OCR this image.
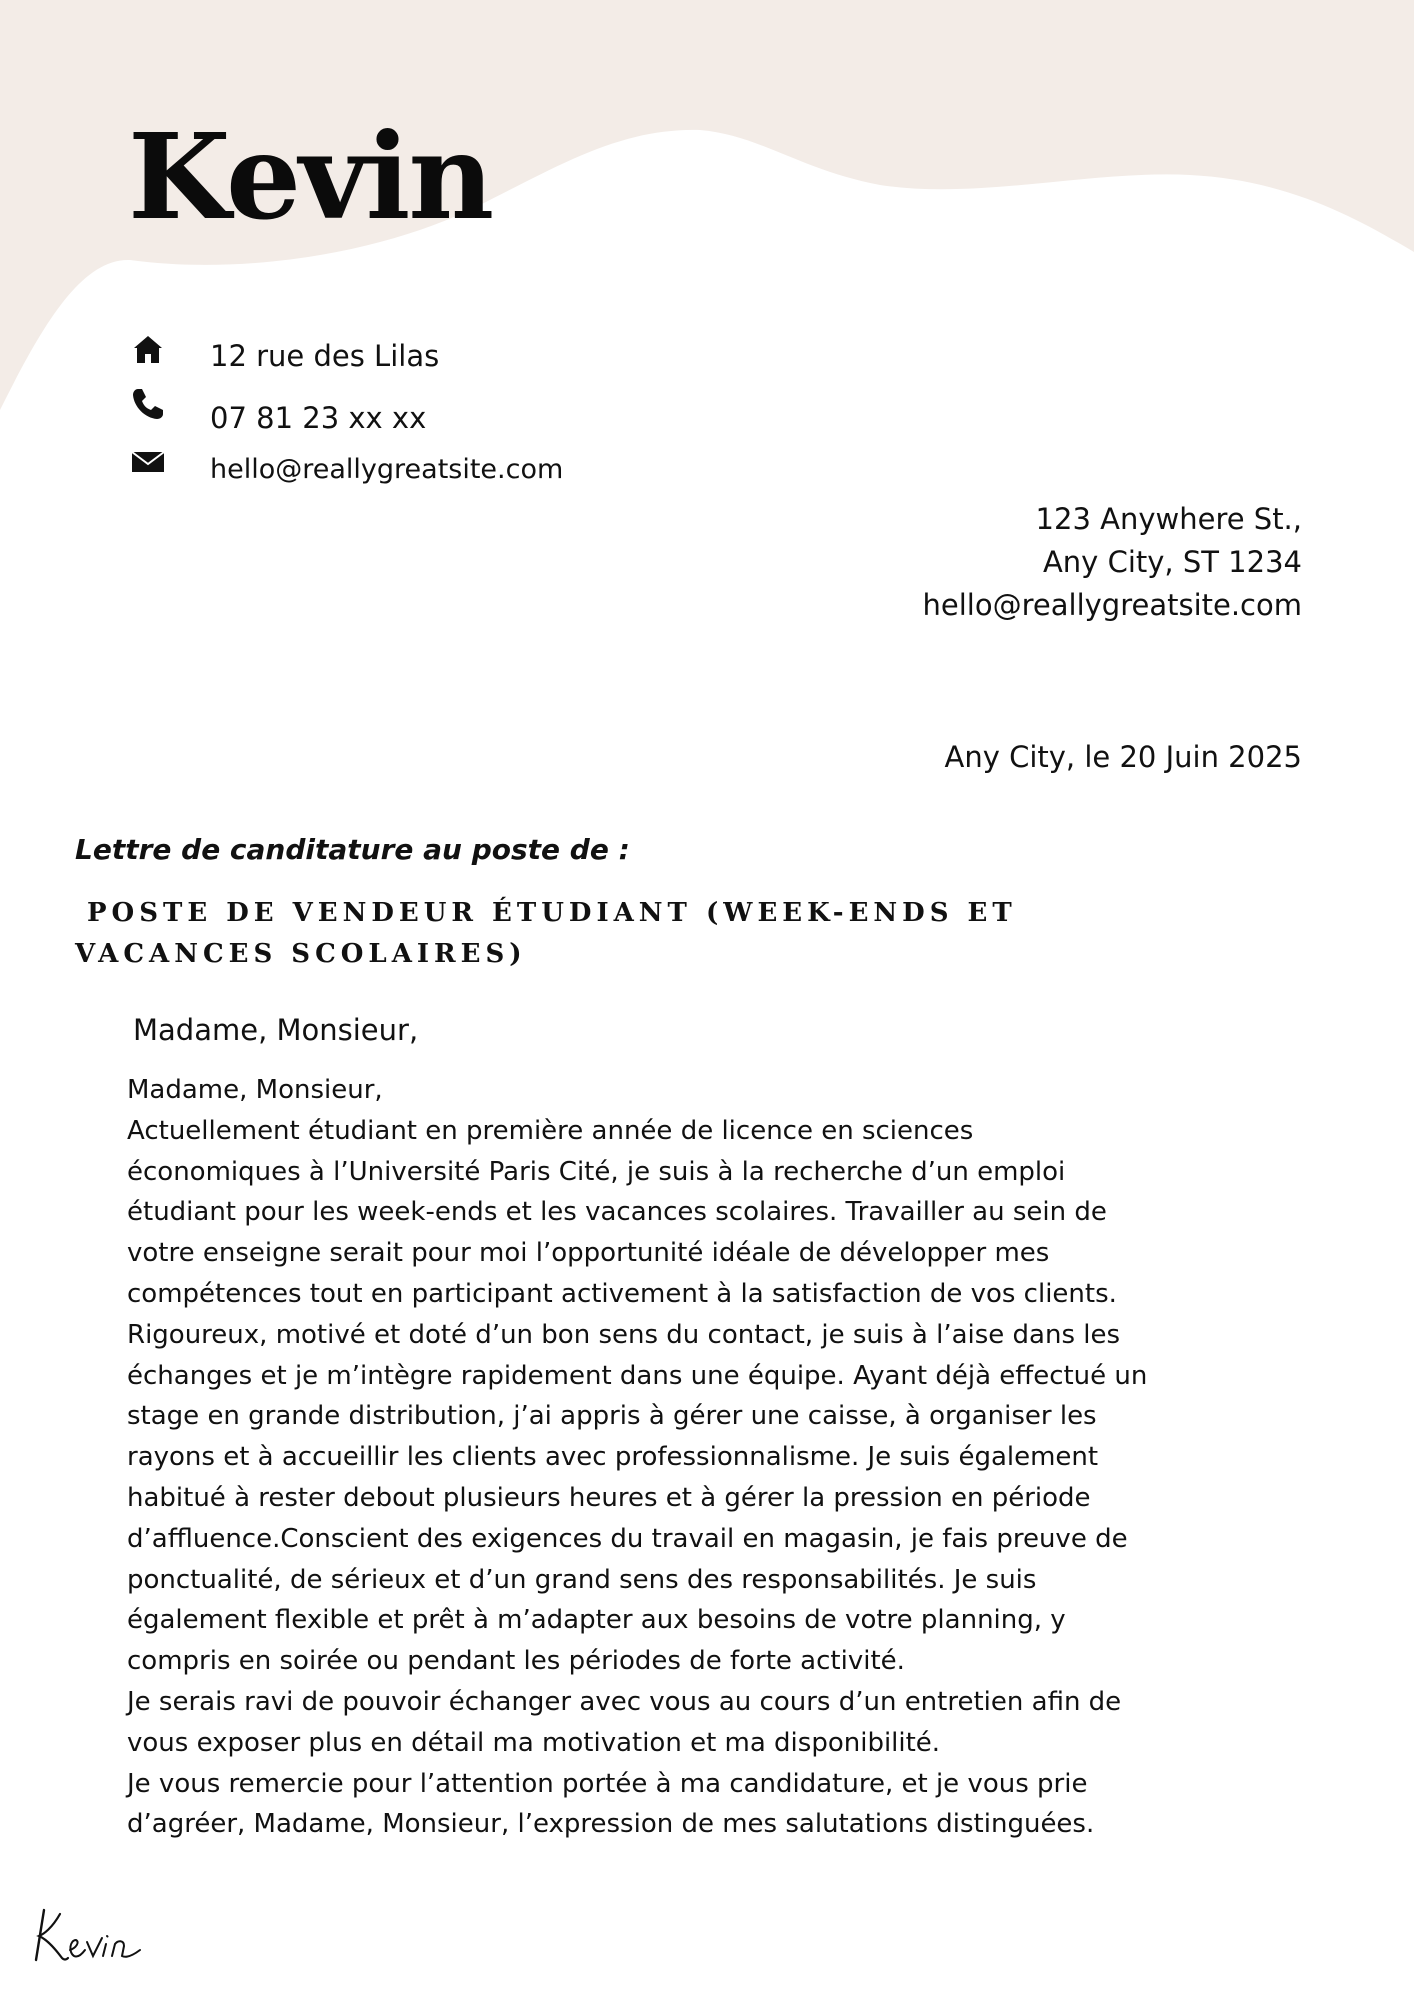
Kevin
12 rue des Lilas
07 81 23 xx xx
hello@reallygreatsite.com
123 Anywhere St.,
Any City, ST 1234
hello@reallygreatsite.com
Any City, le 20 Juin 2025
Lettre de canditature au poste de :
POSTE DE VENDEUR ÉTUDIANT (WEEK-ENDS ET VACANCES SCOLAIRES)
Madame, Monsieur,
Madame, Monsieur,
Actuellement étudiant en première année de licence en sciences
économiques à l’Université Paris Cité, je suis à la recherche d’un emploi
étudiant pour les week-ends et les vacances scolaires. Travailler au sein de
votre enseigne serait pour moi l’opportunité idéale de développer mes
compétences tout en participant activement à la satisfaction de vos clients.
Rigoureux, motivé et doté d’un bon sens du contact, je suis à l’aise dans les
échanges et je m’intègre rapidement dans une équipe. Ayant déjà effectué un
stage en grande distribution, j’ai appris à gérer une caisse, à organiser les
rayons et à accueillir les clients avec professionnalisme. Je suis également
habitué à rester debout plusieurs heures et à gérer la pression en période
d’affluence.Conscient des exigences du travail en magasin, je fais preuve de
ponctualité, de sérieux et d’un grand sens des responsabilités. Je suis
également flexible et prêt à m’adapter aux besoins de votre planning, y
compris en soirée ou pendant les périodes de forte activité.
Je serais ravi de pouvoir échanger avec vous au cours d’un entretien afin de
vous exposer plus en détail ma motivation et ma disponibilité.
Je vous remercie pour l’attention portée à ma candidature, et je vous prie
d’agréer, Madame, Monsieur, l’expression de mes salutations distinguées.
